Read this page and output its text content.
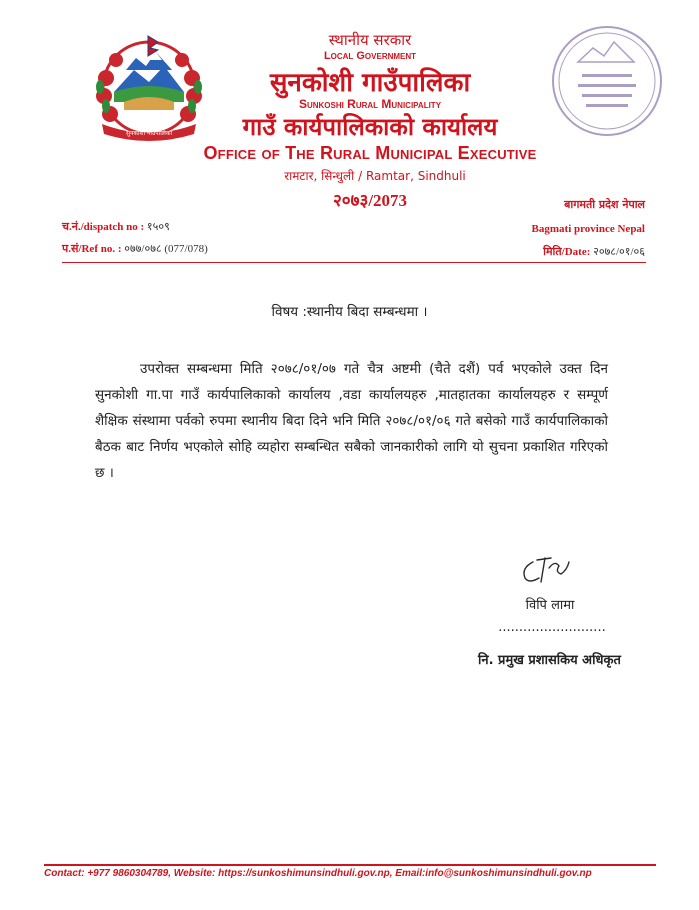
सुनकोशी गाउँपालिका
स्थानीय सरकार
Local Government
सुनकोशी गाउँपालिका
Sunkoshi Rural Municipality
गाउँ कार्यपालिकाको कार्यालय
Office of The Rural Municipal Executive
रामटार, सिन्धुली / Ramtar, Sindhuli
२०७३/2073	बागमती प्रदेश नेपाल
Bagmati province Nepal
च.नं./dispatch no : १५०९
प.सं/Ref no. : ०७७/०७८ (077/078)	मिति/Date: २०७८/०१/०६
विषय :स्थानीय बिदा सम्बन्धमा ।
उपरोक्त सम्बन्धमा मिति २०७८/०१/०७ गते चैत्र अष्टमी (चैते दशैं) पर्व भएकोले उक्त दिन सुनकोशी गा.पा गाउँ कार्यपालिकाको कार्यालय ,वडा कार्यालयहरु ,मातहातका कार्यालयहरु र सम्पूर्ण शैक्षिक संस्थामा पर्वको रुपमा स्थानीय बिदा दिने भनि मिति २०७८/०१/०६ गते बसेको गाउँ कार्यपालिकाको बैठक बाट निर्णय भएकोले सोहि व्यहोरा सम्बन्धित सबैको जानकारीको लागि यो सुचना प्रकाशित गरिएको छ ।
विपि लामा
..........................
नि. प्रमुख प्रशासकिय अधिकृत
Contact: +977 9860304789, Website: https://sunkoshimunsindhuli.gov.np, Email:info@sunkoshimunsindhuli.gov.np
